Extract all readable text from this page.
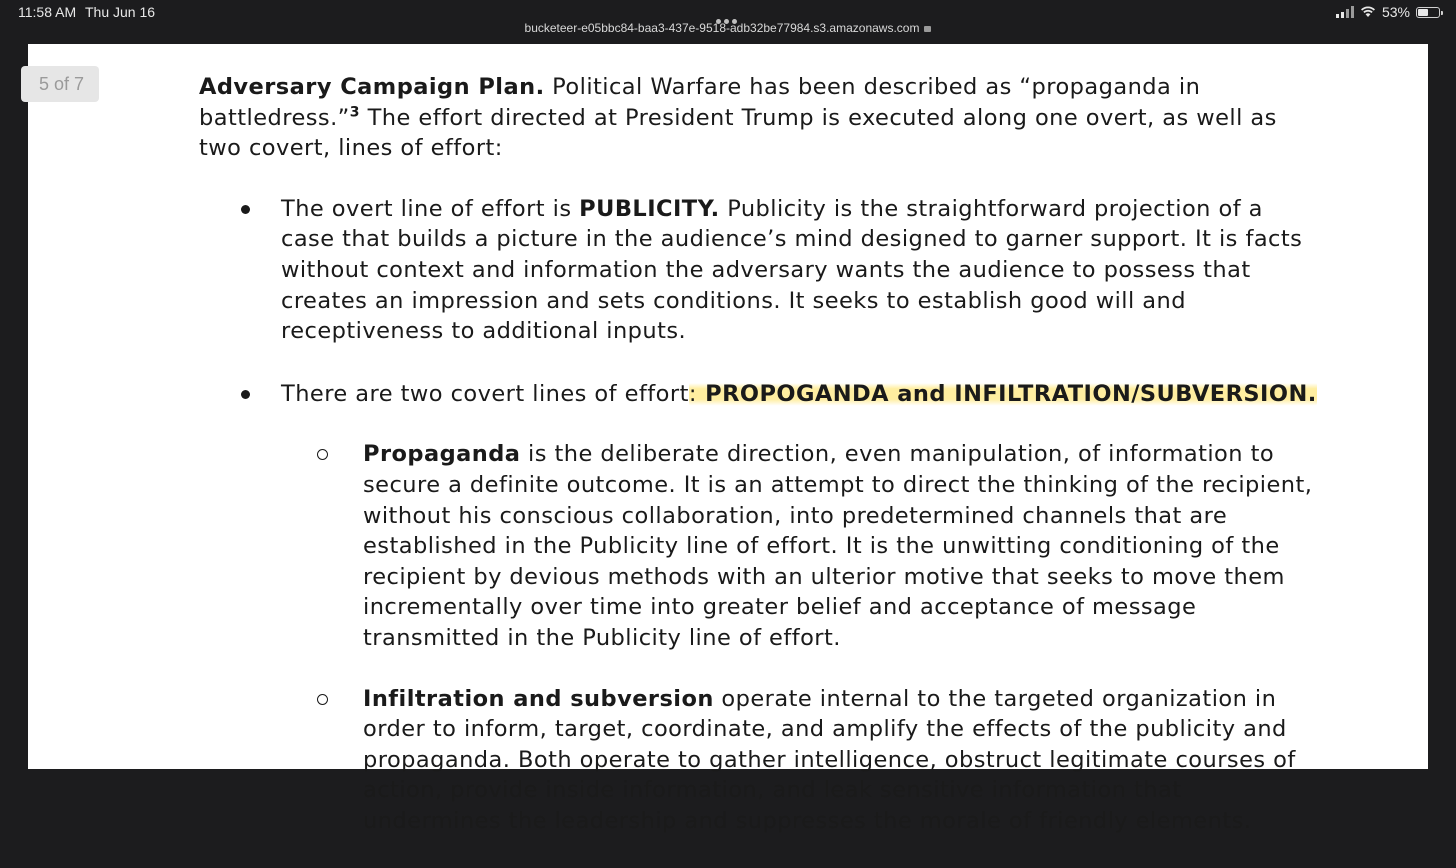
11:58 AM Thu Jun 16
bucketeer-e05bbc84-baa3-437e-9518-adb32be77984.s3.amazonaws.com
53%

Adversary Campaign Plan. Political Warfare has been described as “propaganda in battledress.”$^3$ The effort directed at President Trump is executed along one overt, as well as two covert, lines of effort:

The overt line of effort is PUBLICITY. Publicity is the straightforward projection of a case that builds a picture in the audience’s mind designed to garner support. It is facts without context and information the adversary wants the audience to possess that creates an impression and sets conditions. It seeks to establish good will and receptiveness to additional inputs.
There are two covert lines of effort: PROPOGANDA and INFILTRATION/SUBVERSION.
Propaganda is the deliberate direction, even manipulation, of information to secure a definite outcome. It is an attempt to direct the thinking of the recipient, without his conscious collaboration, into predetermined channels that are established in the Publicity line of effort. It is the unwitting conditioning of the recipient by devious methods with an ulterior motive that seeks to move them incrementally over time into greater belief and acceptance of message transmitted in the Publicity line of effort.
Infiltration and subversion operate internal to the targeted organization in order to inform, target, coordinate, and amplify the effects of the publicity and propaganda. Both operate to gather intelligence, obstruct legitimate courses of action, provide inside information, and leak sensitive information that undermines the leadership and suppresses the morale of friendly elements.
5 of 7
